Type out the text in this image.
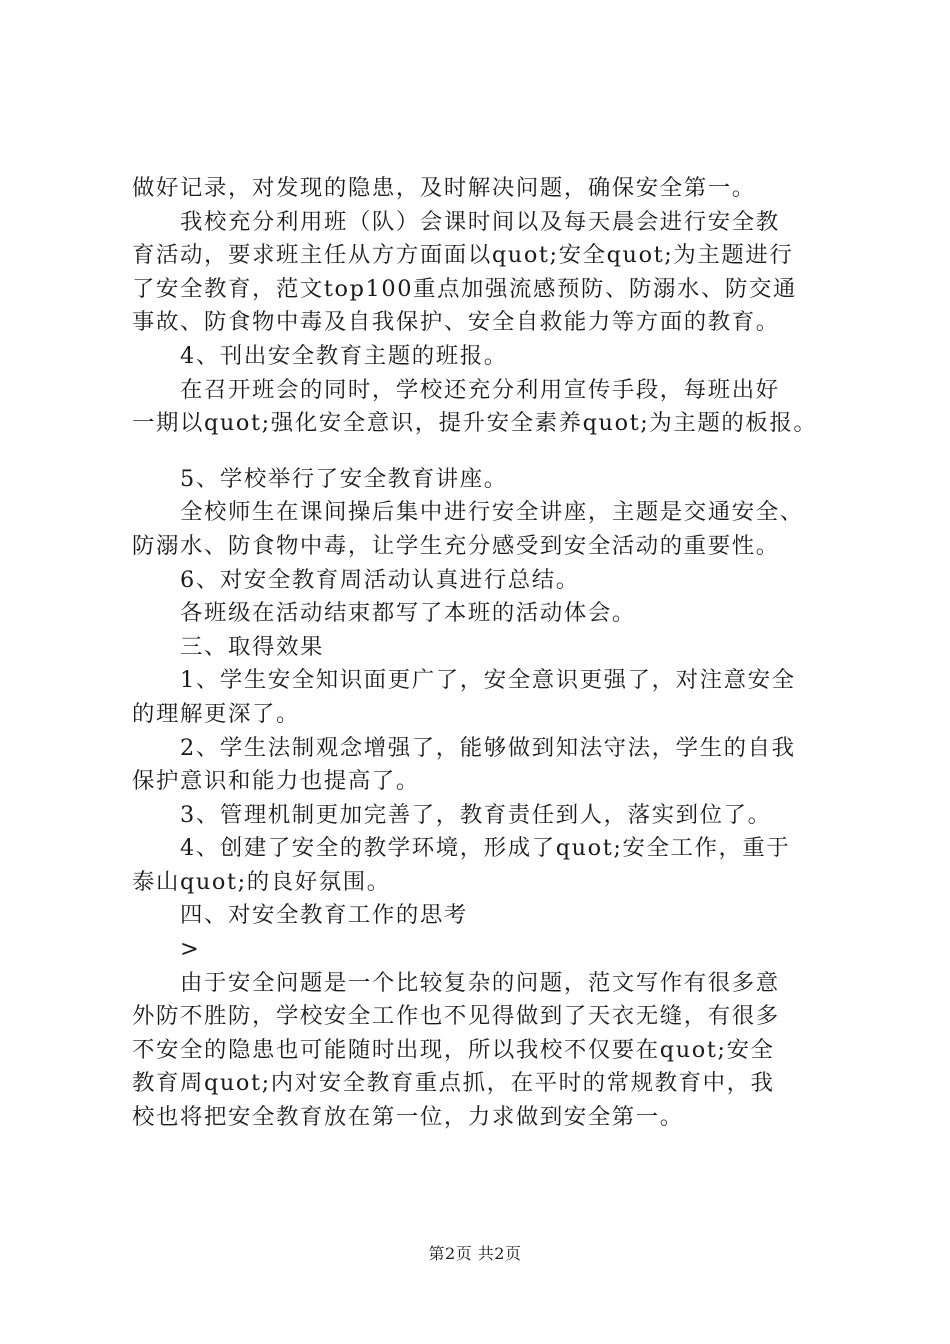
做好记录，对发现的隐患，及时解决问题，确保安全第一。
我校充分利用班（队）会课时间以及每天晨会进行安全教
育活动，要求班主任从方方面面以quot;安全quot;为主题进行
了安全教育，范文top100重点加强流感预防、防溺水、防交通
事故、防食物中毒及自我保护、安全自救能力等方面的教育。
4、刊出安全教育主题的班报。
在召开班会的同时，学校还充分利用宣传手段，每班出好
一期以quot;强化安全意识，提升安全素养quot;为主题的板报。
5、学校举行了安全教育讲座。
全校师生在课间操后集中进行安全讲座，主题是交通安全、
防溺水、防食物中毒，让学生充分感受到安全活动的重要性。
6、对安全教育周活动认真进行总结。
各班级在活动结束都写了本班的活动体会。
三、取得效果
1、学生安全知识面更广了，安全意识更强了，对注意安全
的理解更深了。
2、学生法制观念增强了，能够做到知法守法，学生的自我
保护意识和能力也提高了。
3、管理机制更加完善了，教育责任到人，落实到位了。
4、创建了安全的教学环境，形成了quot;安全工作，重于
泰山quot;的良好氛围。
四、对安全教育工作的思考
>
由于安全问题是一个比较复杂的问题，范文写作有很多意
外防不胜防，学校安全工作也不见得做到了天衣无缝，有很多
不安全的隐患也可能随时出现，所以我校不仅要在quot;安全
教育周quot;内对安全教育重点抓，在平时的常规教育中，我
校也将把安全教育放在第一位，力求做到安全第一。
第2页 共2页
